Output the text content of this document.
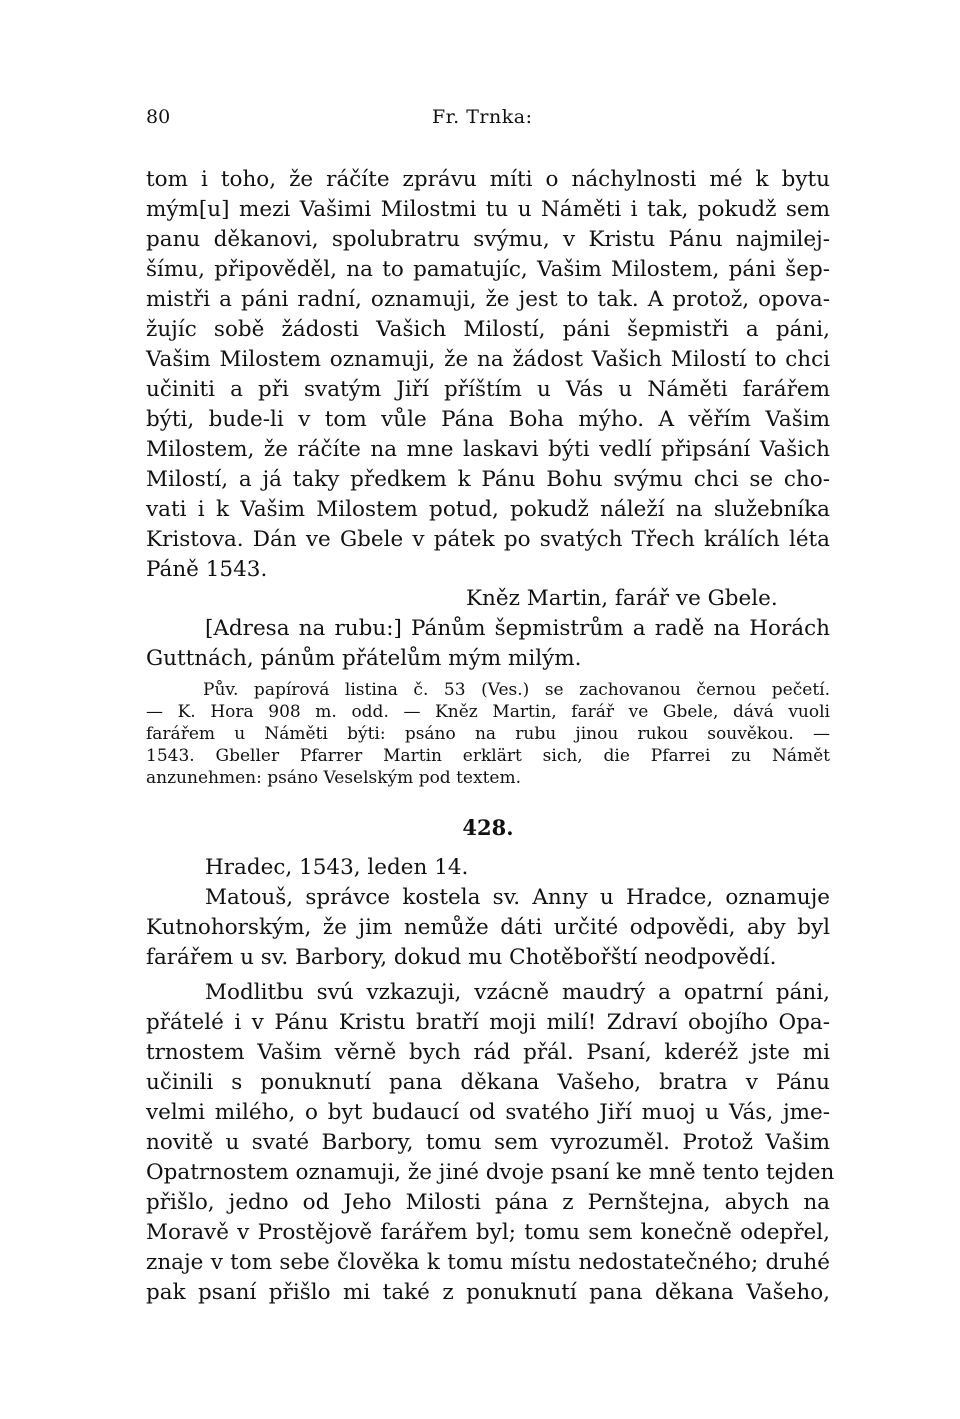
80	Fr. Trnka:
tom i toho, že ráčíte zprávu míti o náchylnosti mé k bytu
mým[u] mezi Vašimi Milostmi tu u Náměti i tak, pokudž sem
panu děkanovi, spolubratru svýmu, v Kristu Pánu najmilej-
šímu, připověděl, na to pamatujíc, Vašim Milostem, páni šep-
mistři a páni radní, oznamuji, že jest to tak. A protož, opova-
žujíc sobě žádosti Vašich Milostí, páni šepmistři a páni,
Vašim Milostem oznamuji, že na žádost Vašich Milostí to chci
učiniti a při svatým Jiří příštím u Vás u Náměti farářem
býti, bude-li v tom vůle Pána Boha mýho. A věřím Vašim
Milostem, že ráčíte na mne laskavi býti vedlí připsání Vašich
Milostí, a já taky předkem k Pánu Bohu svýmu chci se cho-
vati i k Vašim Milostem potud, pokudž náleží na služebníka
Kristova. Dán ve Gbele v pátek po svatých Třech králích léta
Páně 1543.
Kněz Martin, farář ve Gbele.
[Adresa na rubu:] Pánům šepmistrům a radě na Horách
Guttnách, pánům přátelům mým milým.
Pův. papírová listina č. 53 (Ves.) se zachovanou černou pečetí.
— K. Hora 908 m. odd. — Kněz Martin, farář ve Gbele, dává vuoli
farářem u Náměti býti: psáno na rubu jinou rukou souvěkou. —
1543. Gbeller Pfarrer Martin erklärt sich, die Pfarrei zu Námět
anzunehmen: psáno Veselským pod textem.
428.
Hradec, 1543, leden 14.
Matouš, správce kostela sv. Anny u Hradce, oznamuje
Kutnohorským, že jim nemůže dáti určité odpovědi, aby byl
farářem u sv. Barbory, dokud mu Chotěbořští neodpovědí.
Modlitbu svú vzkazuji, vzácně maudrý a opatrní páni,
přátelé i v Pánu Kristu bratří moji milí! Zdraví obojího Opa-
trnostem Vašim věrně bych rád přál. Psaní, kderéž jste mi
učinili s ponuknutí pana děkana Vašeho, bratra v Pánu
velmi milého, o byt budaucí od svatého Jiří muoj u Vás, jme-
novitě u svaté Barbory, tomu sem vyrozuměl. Protož Vašim
Opatrnostem oznamuji, že jiné dvoje psaní ke mně tento tejden
přišlo, jedno od Jeho Milosti pána z Pernštejna, abych na
Moravě v Prostějově farářem byl; tomu sem konečně odepřel,
znaje v tom sebe člověka k tomu místu nedostatečného; druhé
pak psaní přišlo mi také z ponuknutí pana děkana Vašeho,
